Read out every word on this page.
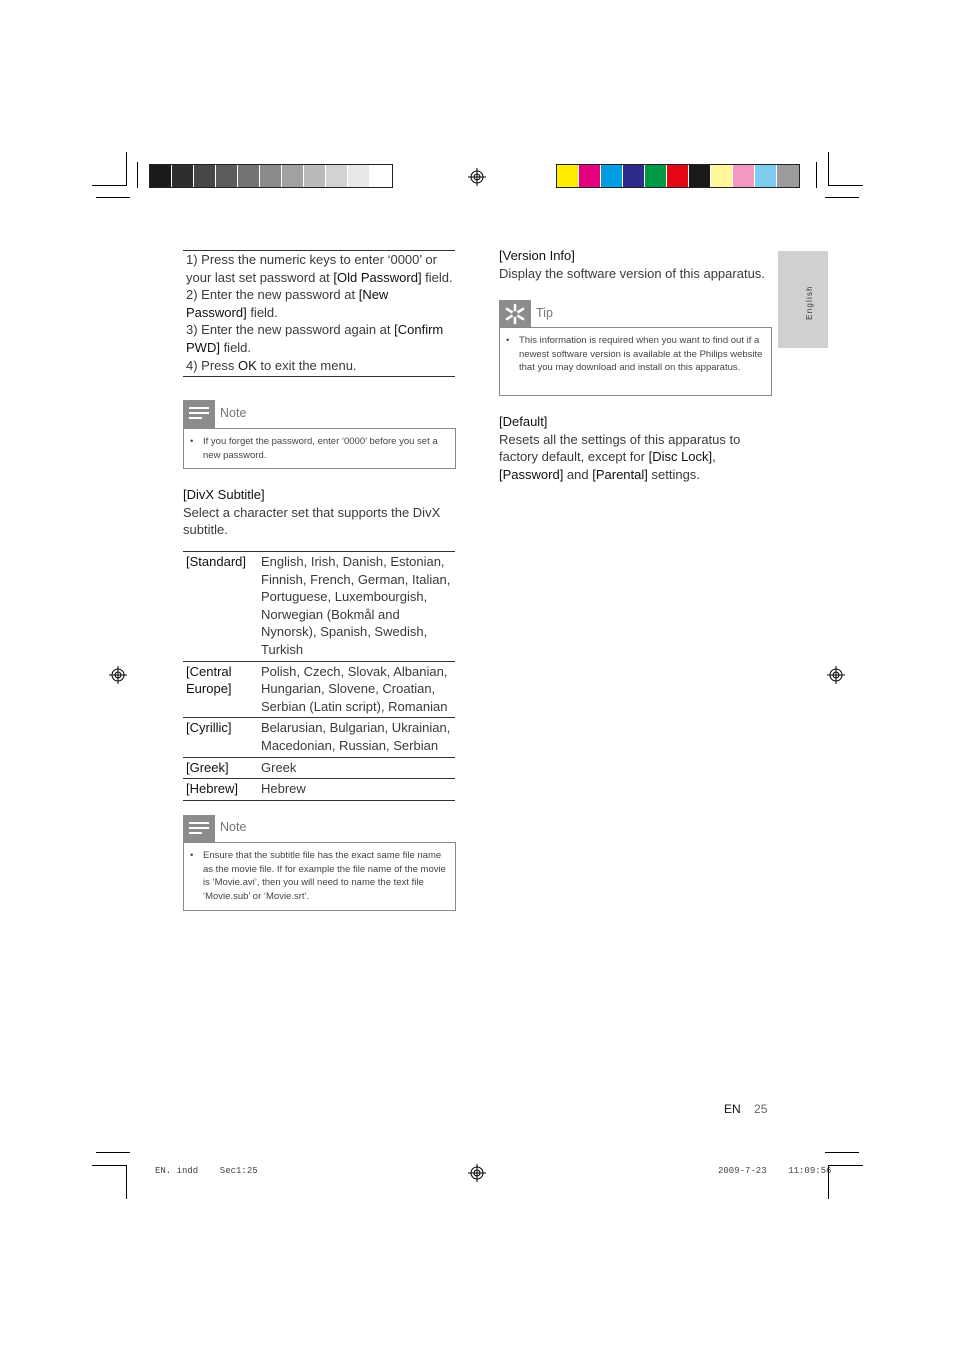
1) Press the numeric keys to enter ‘0000’ or
your last set password at [Old Password] field.
2) Enter the new password at [New
Password] field.
3) Enter the new password again at [Confirm
PWD] field.
4) Press OK to exit the menu.
Note
• If you forget the password, enter ‘0000’ before you set a new password.
[DivX Subtitle]
Select a character set that supports the DivX subtitle.
[Standard]	English, Irish, Danish, Estonian, Finnish, French, German, Italian, Portuguese, Luxembourgish, Norwegian (Bokmål and Nynorsk), Spanish, Swedish, Turkish
[Central Europe]	Polish, Czech, Slovak, Albanian, Hungarian, Slovene, Croatian, Serbian (Latin script), Romanian
[Cyrillic]	Belarusian, Bulgarian, Ukrainian, Macedonian, Russian, Serbian
[Greek]	Greek
[Hebrew]	Hebrew
Note
• Ensure that the subtitle file has the exact same file name as the movie file. If for example the file name of the movie is ‘Movie.avi’, then you will need to name the text file ‘Movie.sub’ or ‘Movie.srt’.
[Version Info]
Display the software version of this apparatus.
Tip
• This information is required when you want to find out if a newest software version is available at the Philips website that you may download and install on this apparatus.
[Default]
Resets all the settings of this apparatus to
factory default, except for [Disc Lock],
[Password] and [Parental] settings.
English
EN 25
EN. indd    Sec1:25	2009-7-23    11:09:56
